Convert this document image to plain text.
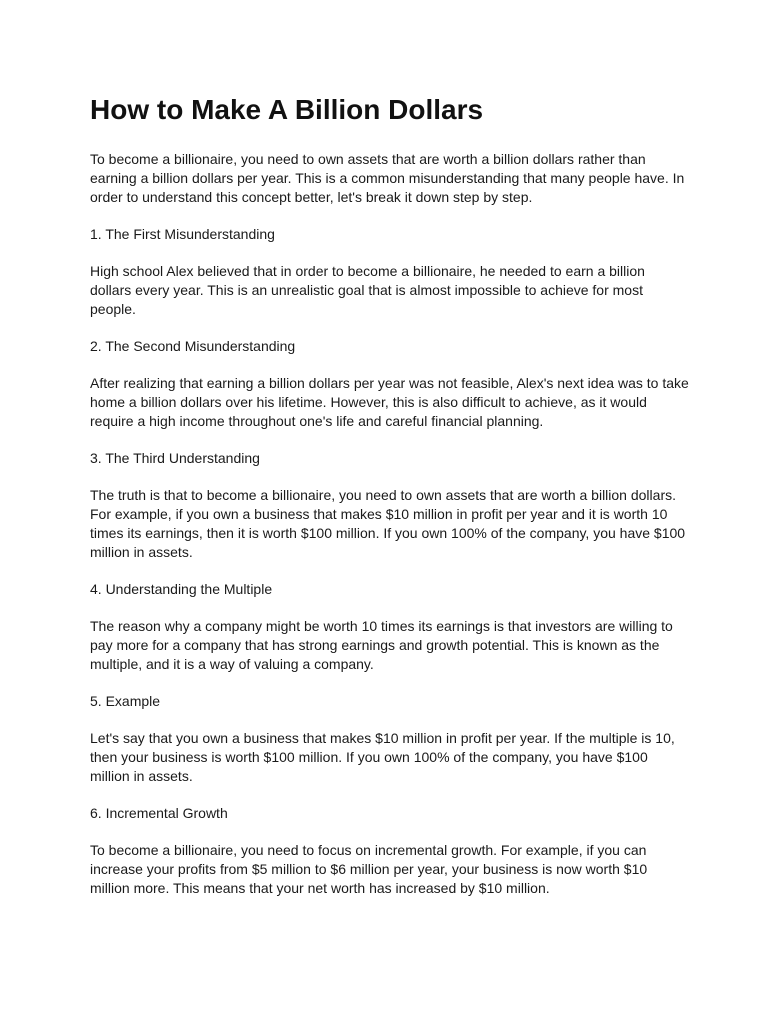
How to Make A Billion Dollars

To become a billionaire, you need to own assets that are worth a billion dollars rather than earning a billion dollars per year. This is a common misunderstanding that many people have. In order to understand this concept better, let's break it down step by step.

1. The First Misunderstanding

High school Alex believed that in order to become a billionaire, he needed to earn a billion dollars every year. This is an unrealistic goal that is almost impossible to achieve for most people.

2. The Second Misunderstanding

After realizing that earning a billion dollars per year was not feasible, Alex's next idea was to take home a billion dollars over his lifetime. However, this is also difficult to achieve, as it would require a high income throughout one's life and careful financial planning.

3. The Third Understanding

The truth is that to become a billionaire, you need to own assets that are worth a billion dollars. For example, if you own a business that makes $10 million in profit per year and it is worth 10 times its earnings, then it is worth $100 million. If you own 100% of the company, you have $100 million in assets.

4. Understanding the Multiple

The reason why a company might be worth 10 times its earnings is that investors are willing to pay more for a company that has strong earnings and growth potential. This is known as the multiple, and it is a way of valuing a company.

5. Example

Let's say that you own a business that makes $10 million in profit per year. If the multiple is 10, then your business is worth $100 million. If you own 100% of the company, you have $100 million in assets.

6. Incremental Growth

To become a billionaire, you need to focus on incremental growth. For example, if you can increase your profits from $5 million to $6 million per year, your business is now worth $10 million more. This means that your net worth has increased by $10 million.
